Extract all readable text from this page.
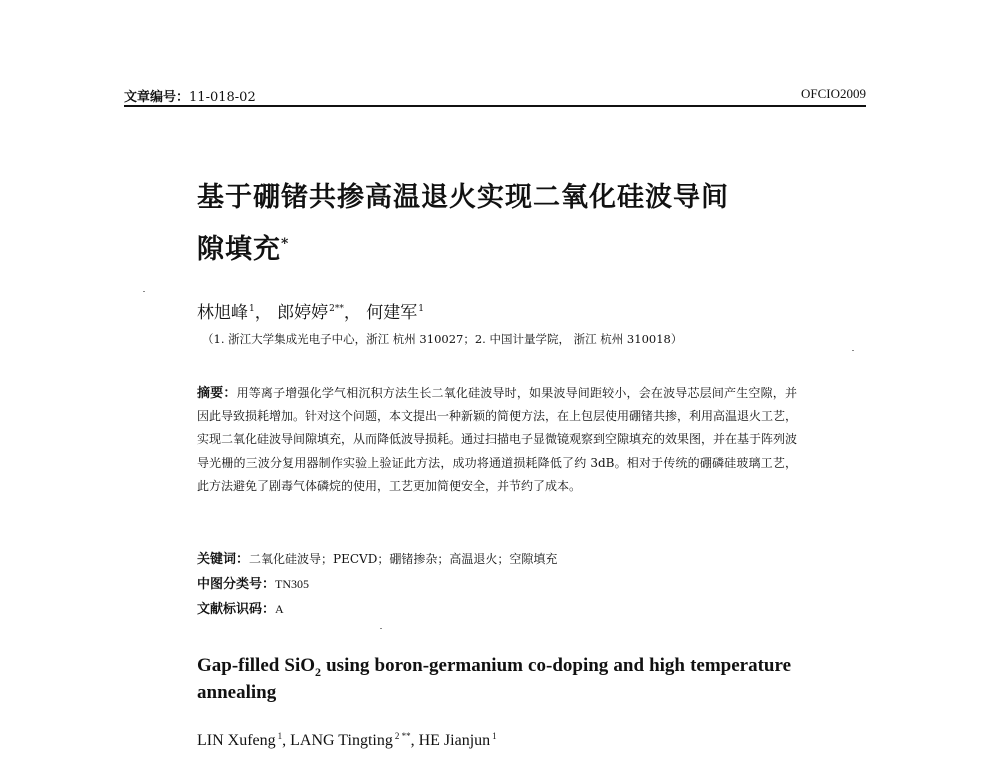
文章编号：11-018-02	OFCIO2009
基于硼锗共掺高温退火实现二氧化硅波导间
隙填充*
林旭峰$^1$， 郎婷婷$^{2**}$， 何建军$^1$
（1. 浙江大学集成光电子中心，浙江 杭州 310027；2. 中国计量学院， 浙江 杭州 310018）
摘要：用等离子增强化学气相沉积方法生长二氧化硅波导时，如果波导间距较小，会在波导芯层间产生空隙，并因此导致损耗增加。针对这个问题，本文提出一种新颖的简便方法，在上包层使用硼锗共掺，利用高温退火工艺，实现二氧化硅波导间隙填充，从而降低波导损耗。通过扫描电子显微镜观察到空隙填充的效果图，并在基于阵列波导光栅的三波分复用器制作实验上验证此方法，成功将通道损耗降低了约 3dB。相对于传统的硼磷硅玻璃工艺，此方法避免了剧毒气体磷烷的使用，工艺更加简便安全，并节约了成本。
关键词：二氧化硅波导；PECVD；硼锗掺杂；高温退火；空隙填充
中图分类号：TN305
文献标识码：A
Gap-filled SiO$_2$ using boron-germanium co-doping and high temperature annealing
LIN Xufeng $^1$, LANG Tingting $^{2 **}$, HE Jianjun $^1$
